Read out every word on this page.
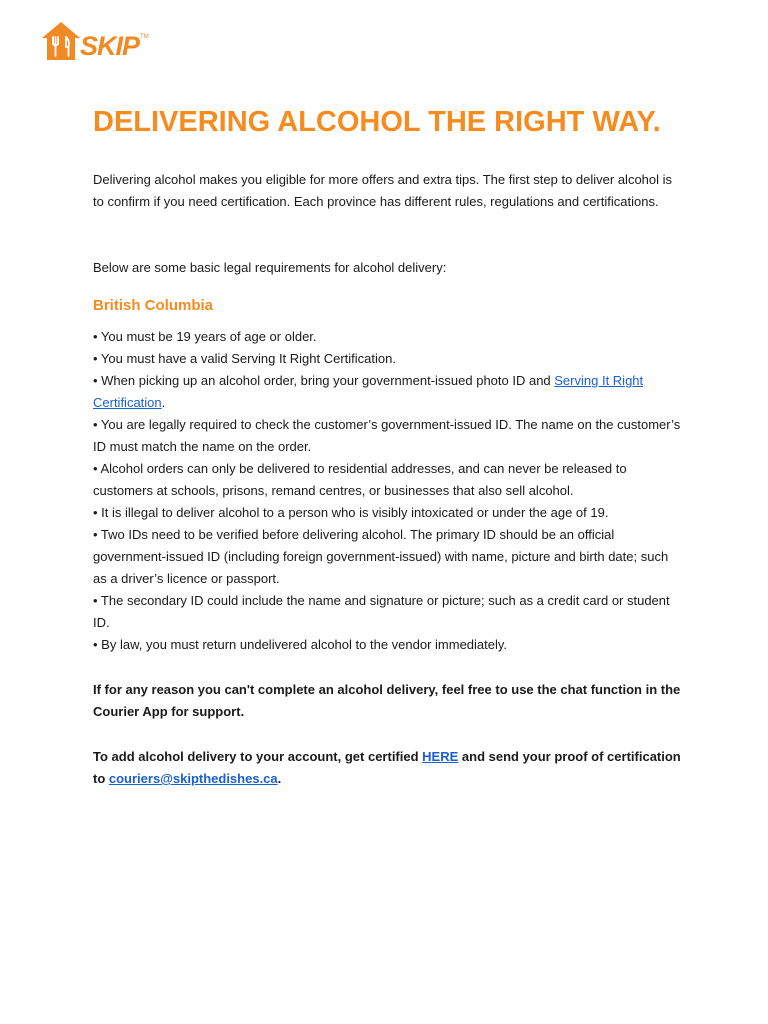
SKIP TM
DELIVERING ALCOHOL THE RIGHT WAY.

Delivering alcohol makes you eligible for more offers and extra tips. The first step to deliver alcohol is to confirm if you need certification. Each province has different rules, regulations and certifications.

Below are some basic legal requirements for alcohol delivery:

British Columbia

• You must be 19 years of age or older.

• You must have a valid Serving It Right Certification.

• When picking up an alcohol order, bring your government-issued photo ID and Serving It Right Certification.

• You are legally required to check the customer’s government-issued ID. The name on the customer’s ID must match the name on the order.

• Alcohol orders can only be delivered to residential addresses, and can never be released to customers at schools, prisons, remand centres, or businesses that also sell alcohol.

• It is illegal to deliver alcohol to a person who is visibly intoxicated or under the age of 19.

• Two IDs need to be verified before delivering alcohol. The primary ID should be an official government-issued ID (including foreign government-issued) with name, picture and birth date; such as a driver’s licence or passport.

• The secondary ID could include the name and signature or picture; such as a credit card or student ID.

• By law, you must return undelivered alcohol to the vendor immediately.

If for any reason you can't complete an alcohol delivery, feel free to use the chat function in the Courier App for support.

To add alcohol delivery to your account, get certified HERE and send your proof of certification to couriers@skipthedishes.ca.
